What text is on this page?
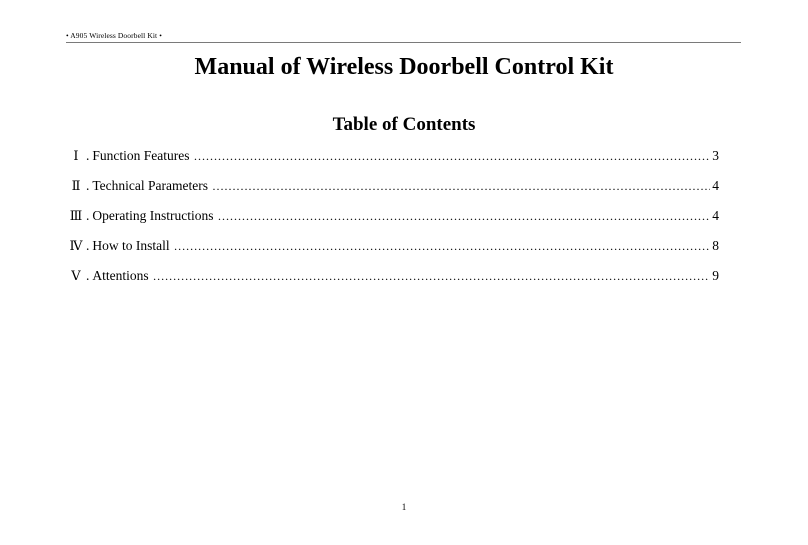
• A905 Wireless Doorbell Kit •
Manual of Wireless Doorbell Control Kit
Table of Contents
Ⅰ . Function Features ……………………………………………………………………………………………………………………………………………………………	3
Ⅱ . Technical Parameters ……………………………………………………………………………………………………………………………………………………………	4
Ⅲ . Operating Instructions ……………………………………………………………………………………………………………………………………………………………	4
Ⅳ . How to Install ……………………………………………………………………………………………………………………………………………………………	8
Ⅴ . Attentions ……………………………………………………………………………………………………………………………………………………………	9
1
